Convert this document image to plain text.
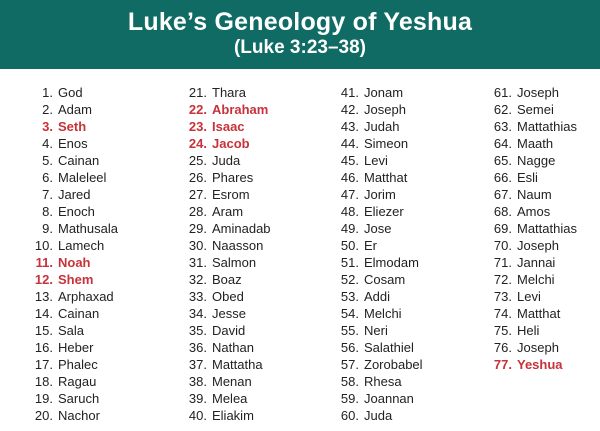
Luke’s Geneology of Yeshua
(Luke 3:23–38)
1. God
2. Adam
3. Seth
4. Enos
5. Cainan
6. Maleleel
7. Jared
8. Enoch
9. Mathusala
10. Lamech
11. Noah
12. Shem
13. Arphaxad
14. Cainan
15. Sala
16. Heber
17. Phalec
18. Ragau
19. Saruch
20. Nachor
21. Thara
22. Abraham
23. Isaac
24. Jacob
25. Juda
26. Phares
27. Esrom
28. Aram
29. Aminadab
30. Naasson
31. Salmon
32. Boaz
33. Obed
34. Jesse
35. David
36. Nathan
37. Mattatha
38. Menan
39. Melea
40. Eliakim
41. Jonam
42. Joseph
43. Judah
44. Simeon
45. Levi
46. Matthat
47. Jorim
48. Eliezer
49. Jose
50. Er
51. Elmodam
52. Cosam
53. Addi
54. Melchi
55. Neri
56. Salathiel
57. Zorobabel
58. Rhesa
59. Joannan
60. Juda
61. Joseph
62. Semei
63. Mattathias
64. Maath
65. Nagge
66. Esli
67. Naum
68. Amos
69. Mattathias
70. Joseph
71. Jannai
72. Melchi
73. Levi
74. Matthat
75. Heli
76. Joseph
77. Yeshua
